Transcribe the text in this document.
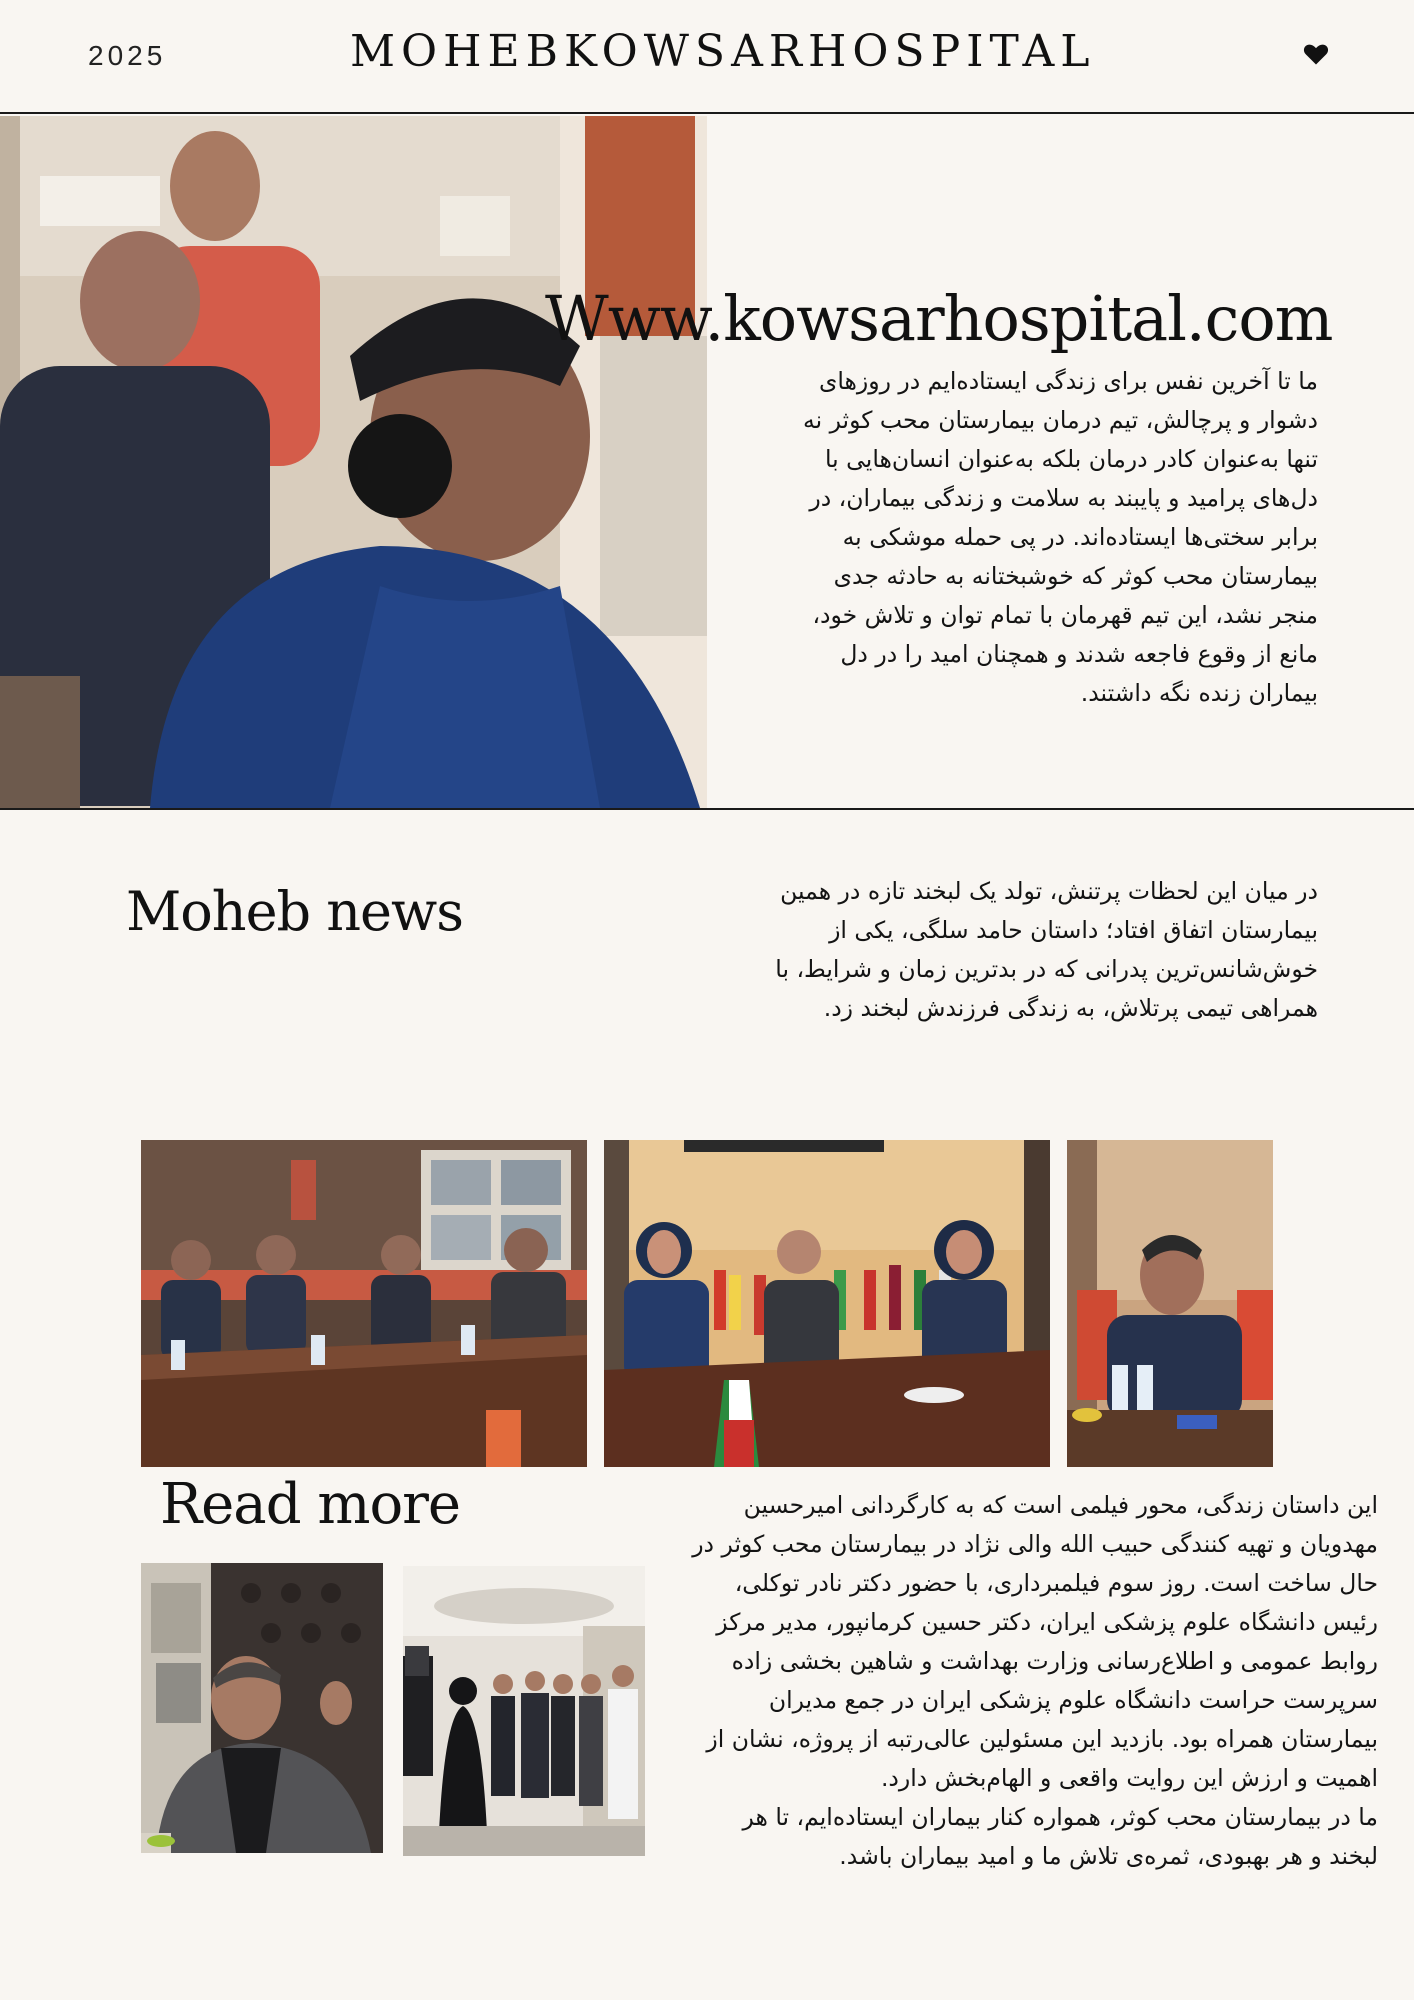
2025	MOHEBKOWSARHOSPITAL
Www.kowsarhospital.com

ما تا آخرین نفس برای زندگی ایستاده‌ایم در روزهای دشوار و پرچالش، تیم درمان بیمارستان محب کوثر نه تنها به‌عنوان کادر درمان بلکه به‌عنوان انسان‌هایی با دل‌های پرامید و پایبند به سلامت و زندگی بیماران، در برابر سختی‌ها ایستاده‌اند. در پی حمله موشکی به بیمارستان محب کوثر که خوشبختانه به حادثه جدی منجر نشد، این تیم قهرمان با تمام توان و تلاش خود، مانع از وقوع فاجعه شدند و همچنان امید را در دل بیماران زنده نگه داشتند.

Moheb news	در میان این لحظات پرتنش، تولد یک لبخند تازه در همین بیمارستان اتفاق افتاد؛ داستان حامد سلگی، یکی از خوش‌شانس‌ترین پدرانی که در بدترین زمان و شرایط، با همراهی تیمی پرتلاش، به زندگی فرزندش لبخند زد.

Read more	این داستان زندگی، محور فیلمی است که به کارگردانی امیرحسین مهدویان و تهیه کنندگی حبیب الله والی نژاد در بیمارستان محب کوثر در حال ساخت است. روز سوم فیلمبرداری، با حضور دکتر نادر توکلی، رئیس دانشگاه علوم پزشکی ایران، دکتر حسین کرمانپور، مدیر مرکز روابط عمومی و اطلاع‌رسانی وزارت بهداشت و شاهین بخشی زاده سرپرست حراست دانشگاه علوم پزشکی ایران در جمع مدیران بیمارستان همراه بود. بازدید این مسئولین عالی‌رتبه از پروژه، نشان از اهمیت و ارزش این روایت واقعی و الهام‌بخش دارد.

ما در بیمارستان محب کوثر، همواره کنار بیماران ایستاده‌ایم، تا هر لبخند و هر بهبودی، ثمره‌ی تلاش ما و امید بیماران باشد.
